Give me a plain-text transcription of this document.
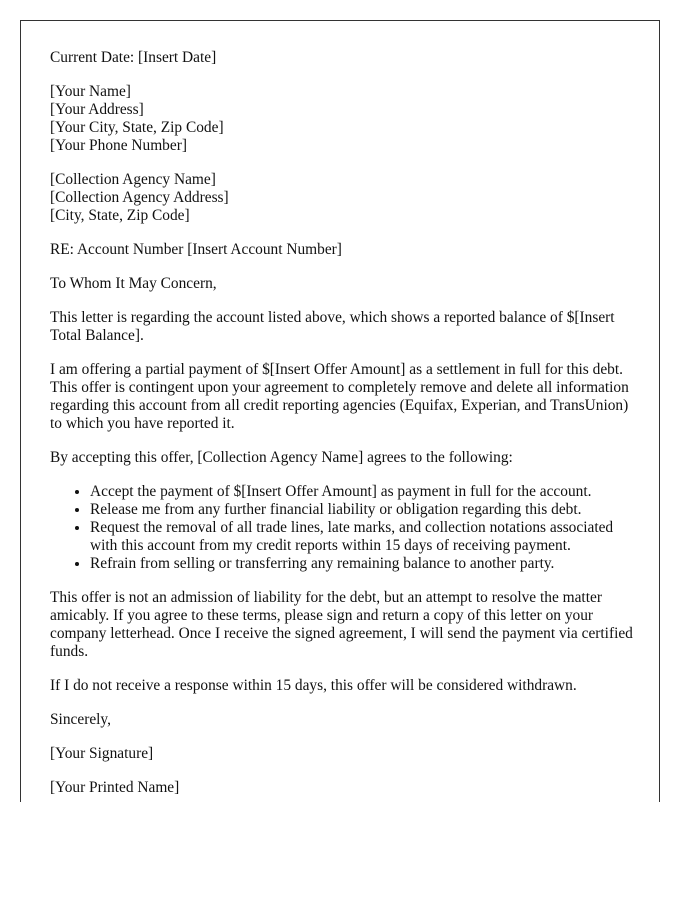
Current Date: [Insert Date]

[Your Name]
[Your Address]
[Your City, State, Zip Code]
[Your Phone Number]
[Collection Agency Name]
[Collection Agency Address]
[City, State, Zip Code]

RE: Account Number [Insert Account Number]

To Whom It May Concern,

This letter is regarding the account listed above, which shows a reported balance of $[Insert Total Balance].

I am offering a partial payment of $[Insert Offer Amount] as a settlement in full for this debt. This offer is contingent upon your agreement to completely remove and delete all information regarding this account from all credit reporting agencies (Equifax, Experian, and TransUnion) to which you have reported it.

By accepting this offer, [Collection Agency Name] agrees to the following:

• Accept the payment of $[Insert Offer Amount] as payment in full for the account.
• Release me from any further financial liability or obligation regarding this debt.
• Request the removal of all trade lines, late marks, and collection notations associated with this account from my credit reports within 15 days of receiving payment.
• Refrain from selling or transferring any remaining balance to another party.

This offer is not an admission of liability for the debt, but an attempt to resolve the matter amicably. If you agree to these terms, please sign and return a copy of this letter on your company letterhead. Once I receive the signed agreement, I will send the payment via certified funds.

If I do not receive a response within 15 days, this offer will be considered withdrawn.

Sincerely,

[Your Signature]

[Your Printed Name]
